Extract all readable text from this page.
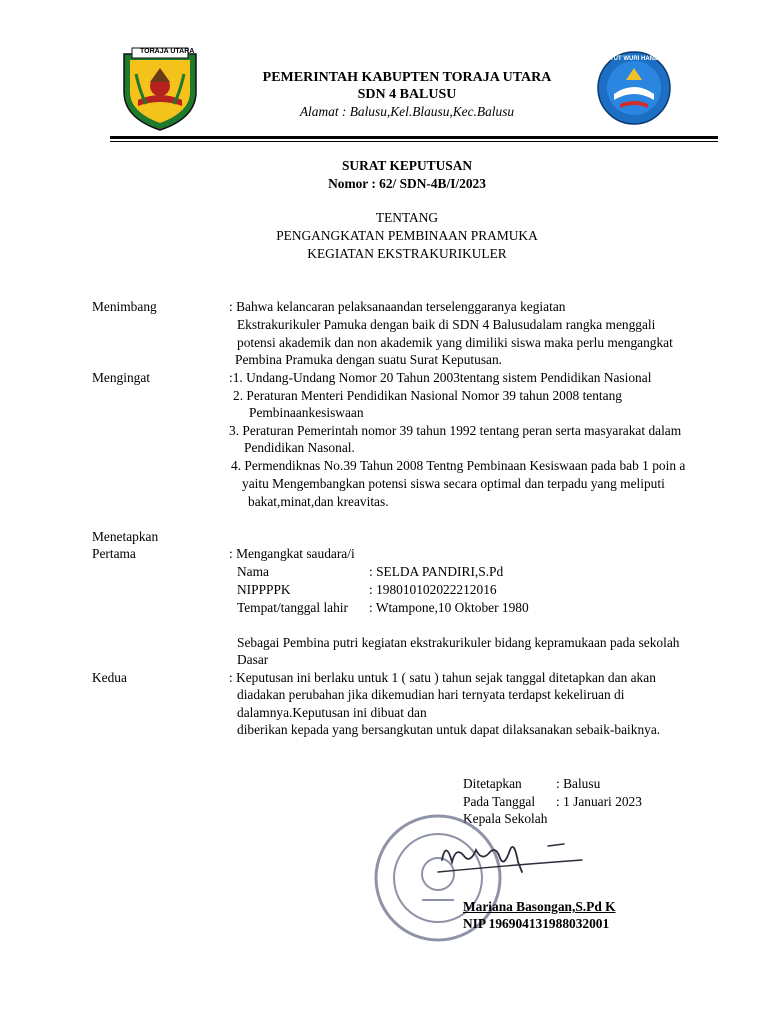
TORAJA UTARA
TUT WURI HANDAYANI
PEMERINTAH KABUPTEN TORAJA UTARA
SDN 4 BALUSU
Alamat : Balusu,Kel.Blausu,Kec.Balusu
SURAT KEPUTUSAN
Nomor : 62/ SDN-4B/I/2023
TENTANG
PENGANGKATAN PEMBINAAN PRAMUKA
KEGIATAN EKSTRAKURIKULER
Menimbang	: Bahwa kelancaran pelaksanaandan terselenggaranya kegiatan
Ekstrakurikuler Pamuka dengan baik di SDN 4 Balusudalam rangka menggali
potensi akademik dan non akademik yang dimiliki siswa maka perlu mengangkat
Pembina Pramuka dengan suatu Surat Keputusan.
Mengingat	:1. Undang-Undang Nomor 20 Tahun 2003tentang sistem Pendidikan Nasional
2. Peraturan Menteri Pendidikan Nasional Nomor 39 tahun 2008 tentang
Pembinaankesiswaan
3. Peraturan Pemerintah nomor 39 tahun 1992 tentang peran serta masyarakat dalam
Pendidikan Nasonal.
4. Permendiknas No.39 Tahun 2008 Tentng Pembinaan Kesiswaan pada bab 1 poin a
yaitu Mengembangkan potensi siswa secara optimal dan terpadu yang meliputi
bakat,minat,dan kreavitas.
Menetapkan
Pertama	: Mengangkat saudara/i
Nama	: SELDA PANDIRI,S.Pd
NIPPPPK	: 198010102022212016
Tempat/tanggal lahir : Wtampone,10 Oktober 1980
Sebagai Pembina putri kegiatan ekstrakurikuler bidang kepramukaan pada sekolah
Dasar
Kedua	: Keputusan ini berlaku untuk 1 ( satu ) tahun sejak tanggal ditetapkan dan akan
diadakan perubahan jika dikemudian hari ternyata terdapst kekeliruan di
dalamnya.Keputusan ini dibuat dan
diberikan kepada yang bersangkutan untuk dapat dilaksanakan sebaik-baiknya.
Ditetapkan	: Balusu
Pada Tanggal : 1 Januari 2023
Kepala Sekolah
Mariana Basongan,S.Pd K
NIP 196904131988032001
